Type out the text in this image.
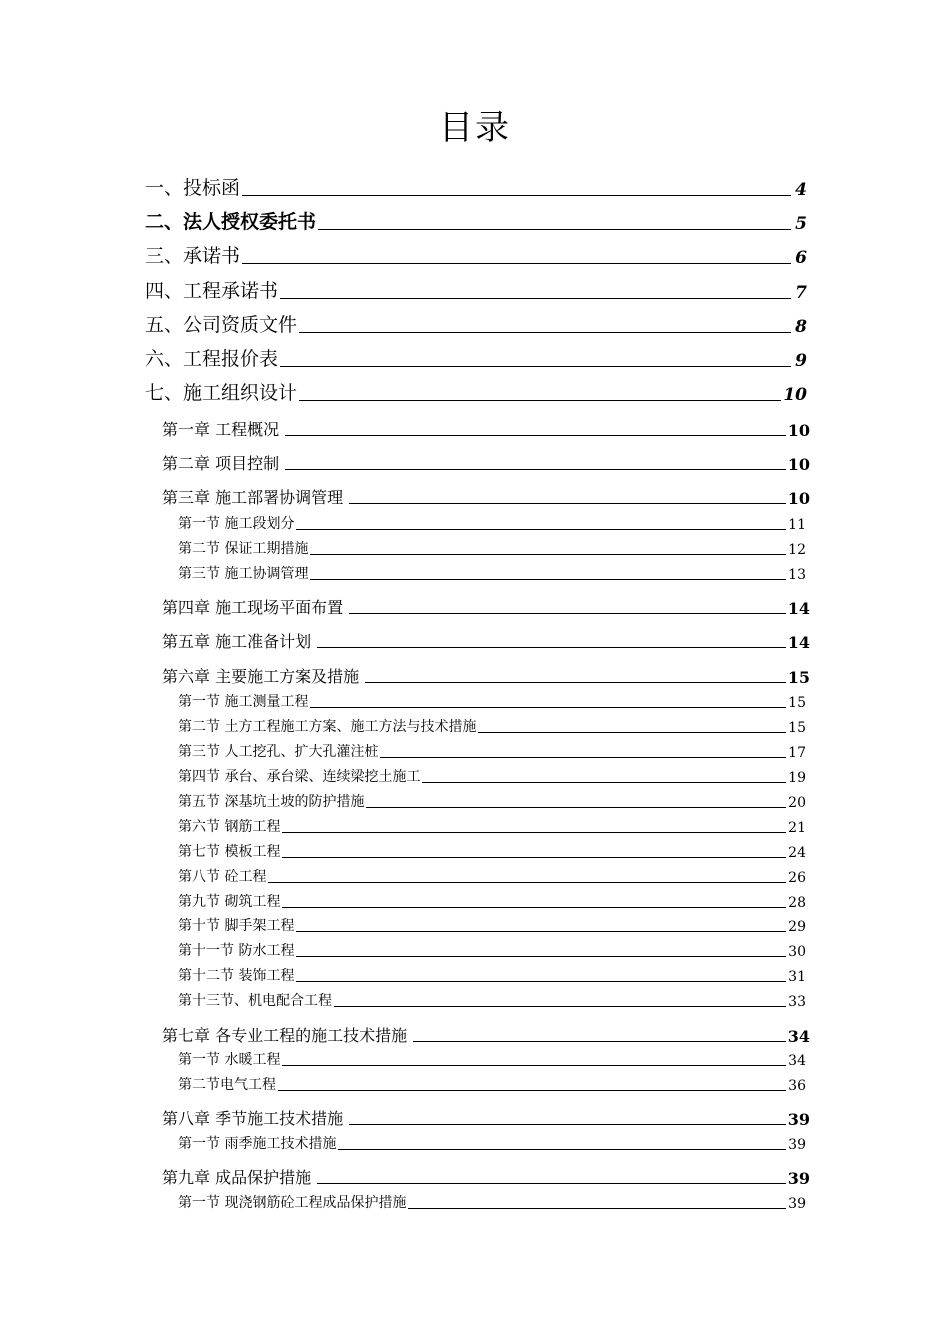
目录
一、投标函	4
二、法人授权委托书	5
三、承诺书	6
四、工程承诺书	7
五、公司资质文件	8
六、工程报价表	9
七、施工组织设计	10
第一章 工程概况	10
第二章 项目控制	10
第三章 施工部署协调管理	10
第一节 施工段划分	11
第二节 保证工期措施	12
第三节 施工协调管理	13
第四章 施工现场平面布置	14
第五章 施工准备计划	14
第六章 主要施工方案及措施	15
第一节 施工测量工程	15
第二节 土方工程施工方案、施工方法与技术措施	15
第三节 人工挖孔、扩大孔灌注桩	17
第四节 承台、承台梁、连续梁挖土施工	19
第五节 深基坑土坡的防护措施	20
第六节 钢筋工程	21
第七节 模板工程	24
第八节 砼工程	26
第九节 砌筑工程	28
第十节 脚手架工程	29
第十一节 防水工程	30
第十二节 装饰工程	31
第十三节、机电配合工程	33
第七章 各专业工程的施工技术措施	34
第一节 水暖工程	34
第二节电气工程	36
第八章 季节施工技术措施	39
第一节 雨季施工技术措施	39
第九章 成品保护措施	39
第一节 现浇钢筋砼工程成品保护措施	39
